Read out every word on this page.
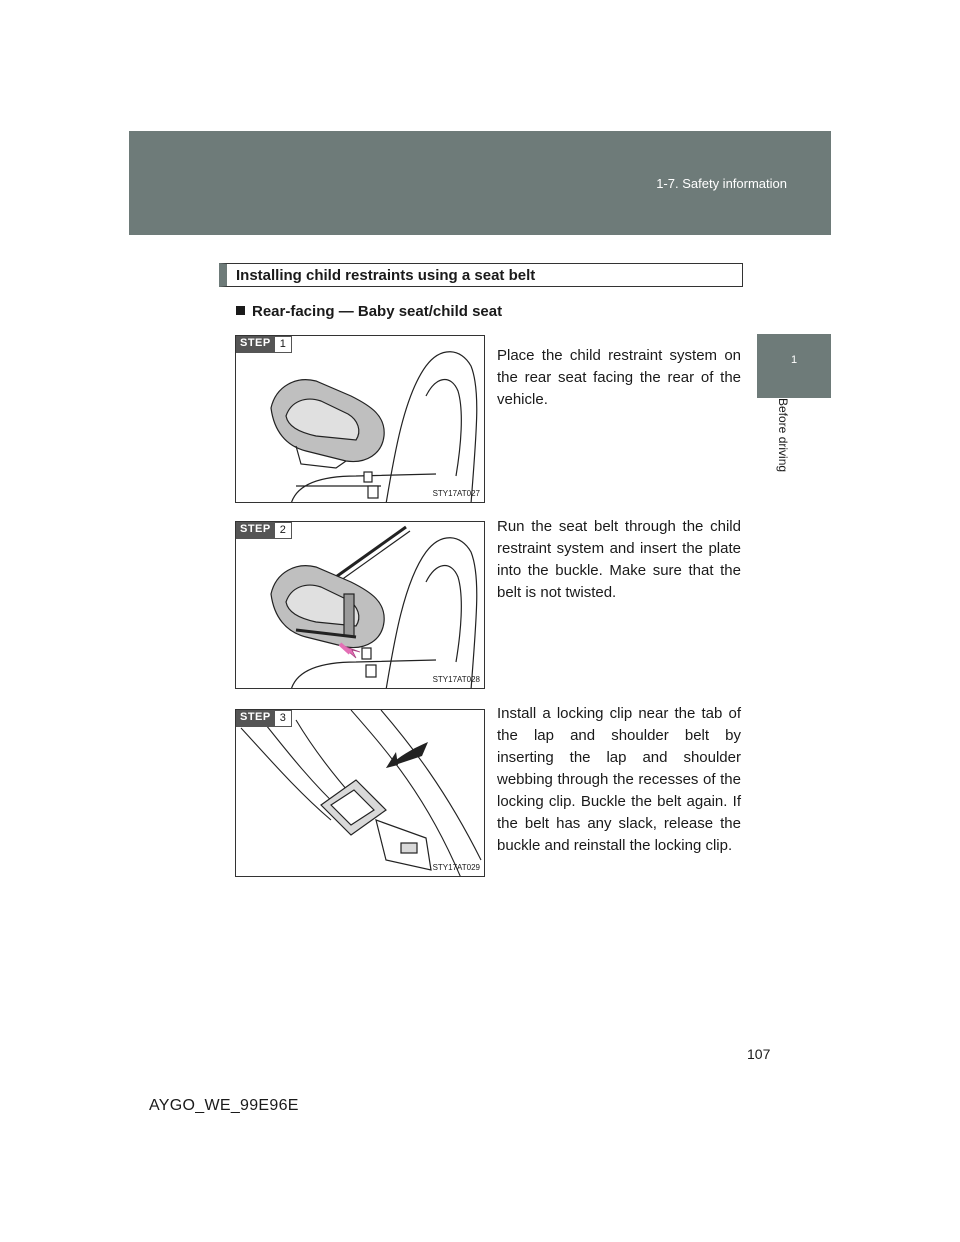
1-7. Safety information
1
Before driving
Installing child restraints using a seat belt
Rear-facing — Baby seat/child seat
STEP 1
STY17AT027
Place the child restraint system on the rear seat facing the rear of the vehicle.
STEP 2
STY17AT028
Run the seat belt through the child restraint system and insert the plate into the buckle. Make sure that the belt is not twisted.
STEP 3
STY17AT029
Install a locking clip near the tab of the lap and shoulder belt by inserting the lap and shoulder webbing through the recesses of the locking clip. Buckle the belt again. If the belt has any slack, release the buckle and reinstall the locking clip.
107
AYGO_WE_99E96E
